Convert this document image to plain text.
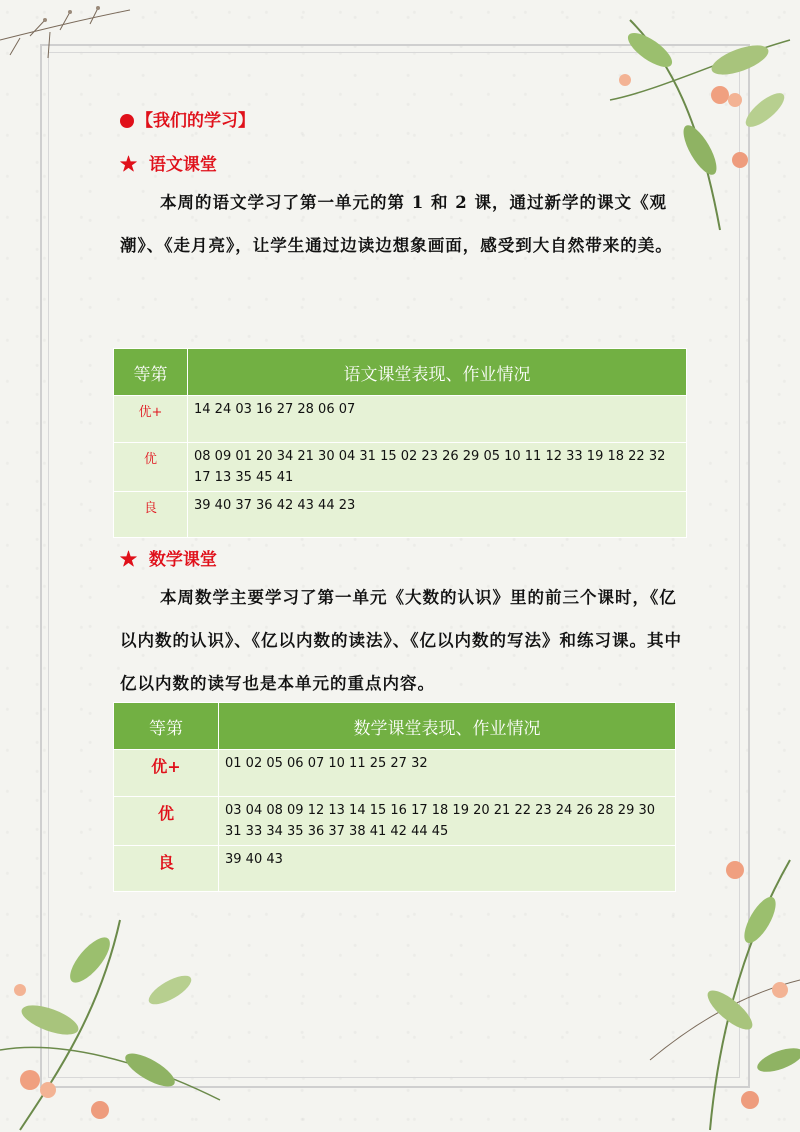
【我们的学习】
★ 语文课堂
本周的语文学习了第一单元的第 1 和 2 课，通过新学的课文《观潮》、《走月亮》，让学生通过边读边想象画面，感受到大自然带来的美。
等第	语文课堂表现、作业情况
优+	14 24 03 16 27 28 06 07
优	08 09 01 20 34 21 30 04 31 15 02 23 26 29 05 10 11 12 33 19 18 22 32 17 13 35 45 41
良	39 40 37 36 42 43 44 23
★ 数学课堂
本周数学主要学习了第一单元《大数的认识》里的前三个课时，《亿以内数的认识》、《亿以内数的读法》、《亿以内数的写法》和练习课。其中亿以内数的读写也是本单元的重点内容。
等第	数学课堂表现、作业情况
优+	01 02 05 06 07 10 11 25 27 32
优	03 04 08 09 12 13 14 15 16 17 18 19 20 21 22 23 24 26 28 29 30 31 33 34 35 36 37 38 41 42 44 45
良	39 40 43
